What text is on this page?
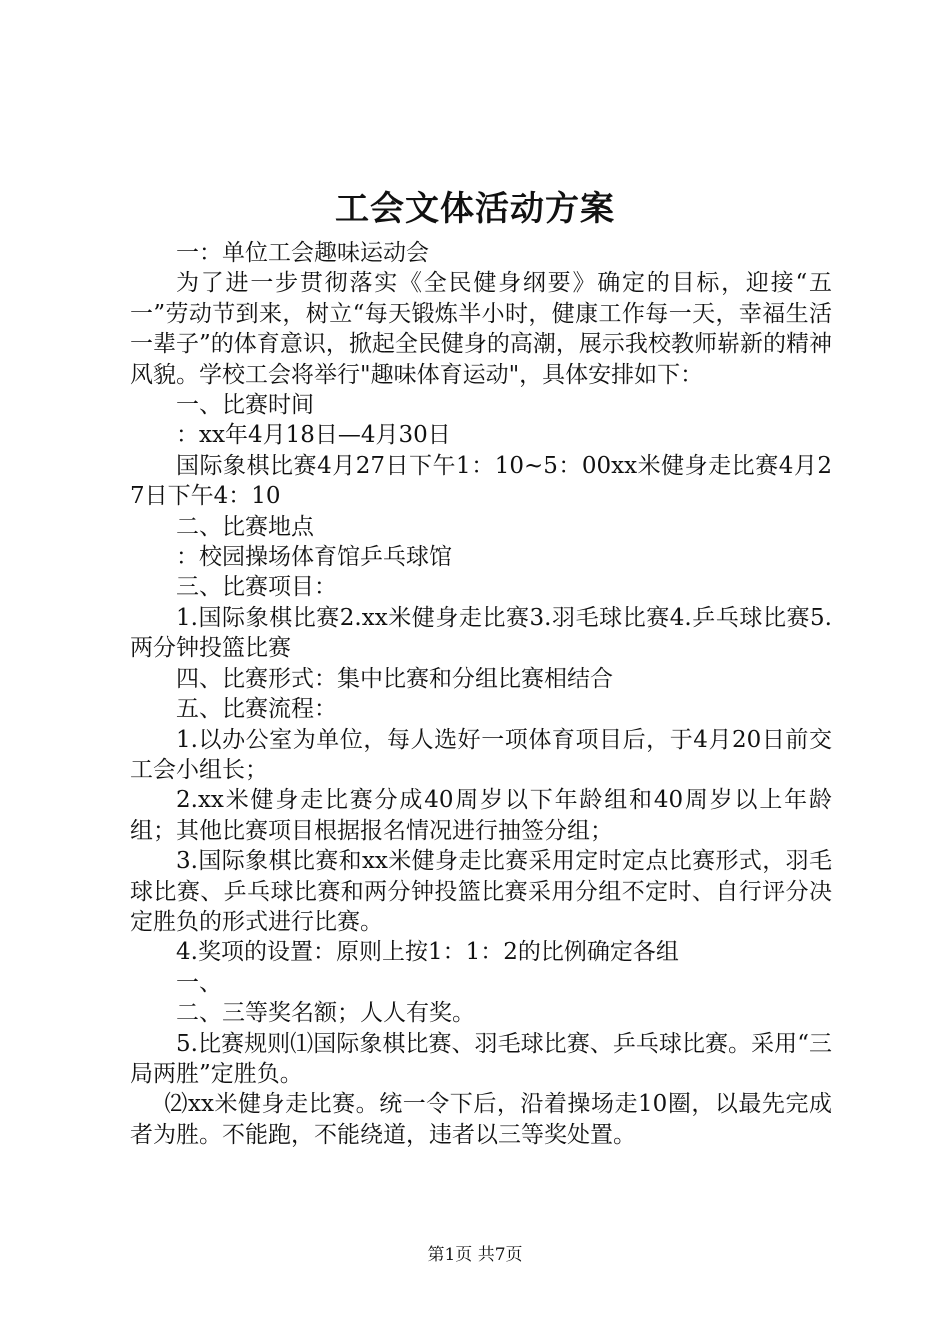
工会文体活动方案

一：单位工会趣味运动会

为了进一步贯彻落实《全民健身纲要》确定的目标，迎接“五一”劳动节到来，树立“每天锻炼半小时，健康工作每一天，幸福生活一辈子”的体育意识，掀起全民健身的高潮，展示我校教师崭新的精神风貌。学校工会将举行"趣味体育运动"，具体安排如下：

一、比赛时间

：xx年4月18日—4月30日

国际象棋比赛4月27日下午1：10~5：00xx米健身走比赛4月27日下午4：10

二、比赛地点

：校园操场体育馆乒乓球馆

三、比赛项目：

1.国际象棋比赛2.xx米健身走比赛3.羽毛球比赛4.乒乓球比赛5.两分钟投篮比赛

四、比赛形式：集中比赛和分组比赛相结合

五、比赛流程：

1.以办公室为单位，每人选好一项体育项目后，于4月20日前交工会小组长；

2.xx米健身走比赛分成40周岁以下年龄组和40周岁以上年龄组；其他比赛项目根据报名情况进行抽签分组；

3.国际象棋比赛和xx米健身走比赛采用定时定点比赛形式，羽毛球比赛、乒乓球比赛和两分钟投篮比赛采用分组不定时、自行评分决定胜负的形式进行比赛。

4.奖项的设置：原则上按1：1：2的比例确定各组

一、

二、三等奖名额；人人有奖。

5.比赛规则⑴国际象棋比赛、羽毛球比赛、乒乓球比赛。采用“三局两胜”定胜负。

⑵xx米健身走比赛。统一令下后，沿着操场走10圈，以最先完成者为胜。不能跑，不能绕道，违者以三等奖处置。

第1页 共7页
